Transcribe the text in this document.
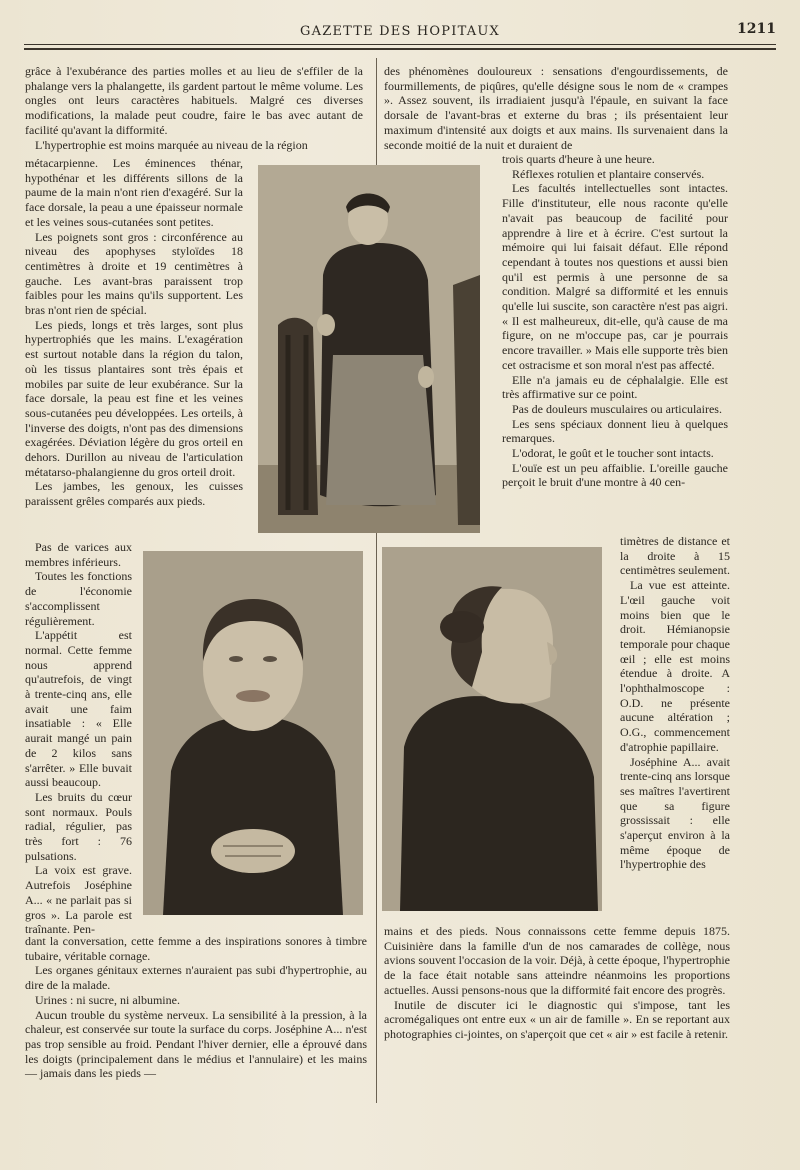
GAZETTE DES HOPITAUX	1211
grâce à l'exubérance des parties molles et au lieu de s'effiler de la phalange vers la phalangette, ils gardent partout le même volume. Les ongles ont leurs caractères habituels. Malgré ces diverses modifications, la malade peut coudre, faire le bas avec autant de facilité qu'avant la difformité.
L'hypertrophie est moins marquée au niveau de la région
métacarpienne. Les éminences thénar, hypothénar et les différents sillons de la paume de la main n'ont rien d'exagéré. Sur la face dorsale, la peau a une épaisseur normale et les veines sous-cutanées sont petites.
Les poignets sont gros : circonférence au niveau des apophyses styloïdes 18 centimètres à droite et 19 centimètres à gauche. Les avant-bras paraissent trop faibles pour les mains qu'ils supportent. Les bras n'ont rien de spécial.
Les pieds, longs et très larges, sont plus hypertrophiés que les mains. L'exagération est surtout notable dans la région du talon, où les tissus plantaires sont très épais et mobiles par suite de leur exubérance. Sur la face dorsale, la peau est fine et les veines sous-cutanées peu développées. Les orteils, à l'inverse des doigts, n'ont pas des dimensions exagérées. Déviation légère du gros orteil en dehors. Durillon au niveau de l'articulation métatarso-phalangienne du gros orteil droit.
Les jambes, les genoux, les cuisses paraissent grêles comparés aux pieds.
Pas de varices aux membres inférieurs.
Toutes les fonctions de l'économie s'accomplissent régulièrement.
L'appétit est normal. Cette femme nous apprend qu'autrefois, de vingt à trente-cinq ans, elle avait une faim insatiable : « Elle aurait mangé un pain de 2 kilos sans s'arrêter. » Elle buvait aussi beaucoup.
Les bruits du cœur sont normaux. Pouls radial, régulier, pas très fort : 76 pulsations.
La voix est grave. Autrefois Joséphine A... « ne parlait pas si gros ». La parole est traînante. Pen-
dant la conversation, cette femme a des inspirations sonores à timbre tubaire, véritable cornage.
Les organes génitaux externes n'auraient pas subi d'hypertrophie, au dire de la malade.
Urines : ni sucre, ni albumine.
Aucun trouble du système nerveux. La sensibilité à la pression, à la chaleur, est conservée sur toute la surface du corps. Joséphine A... n'est pas trop sensible au froid. Pendant l'hiver dernier, elle a éprouvé dans les doigts (principalement dans le médius et l'annulaire) et les mains — jamais dans les pieds —
des phénomènes douloureux : sensations d'engourdissements, de fourmillements, de piqûres, qu'elle désigne sous le nom de « crampes ». Assez souvent, ils irradiaient jusqu'à l'épaule, en suivant la face dorsale de l'avant-bras et externe du bras ; ils présentaient leur maximum d'intensité aux doigts et aux mains. Ils survenaient dans la seconde moitié de la nuit et duraient de
trois quarts d'heure à une heure.
Réflexes rotulien et plantaire conservés.
Les facultés intellectuelles sont intactes. Fille d'instituteur, elle nous raconte qu'elle n'avait pas beaucoup de facilité pour apprendre à lire et à écrire. C'est surtout la mémoire qui lui faisait défaut. Elle répond cependant à toutes nos questions et aussi bien qu'il est permis à une personne de sa condition. Malgré sa difformité et les ennuis qu'elle lui suscite, son caractère n'est pas aigri. « Il est malheureux, dit-elle, qu'à cause de ma figure, on ne m'occupe pas, car je pourrais encore travailler. » Mais elle supporte très bien cet ostracisme et son moral n'est pas affecté.
Elle n'a jamais eu de céphalalgie. Elle est très affirmative sur ce point.
Pas de douleurs musculaires ou articulaires.
Les sens spéciaux donnent lieu à quelques remarques.
L'odorat, le goût et le toucher sont intacts.
L'ouïe est un peu affaiblie. L'oreille gauche perçoit le bruit d'une montre à 40 cen-
timètres de distance et la droite à 15 centimètres seulement.
La vue est atteinte. L'œil gauche voit moins bien que le droit. Hémianopsie temporale pour chaque œil ; elle est moins étendue à droite. A l'ophthalmoscope : O.D. ne présente aucune altération ; O.G., commencement d'atrophie papillaire.
Joséphine A... avait trente-cinq ans lorsque ses maîtres l'avertirent que sa figure grossissait : elle s'aperçut environ à la même époque de l'hypertrophie des
mains et des pieds. Nous connaissons cette femme depuis 1875. Cuisinière dans la famille d'un de nos camarades de collège, nous avions souvent l'occasion de la voir. Déjà, à cette époque, l'hypertrophie de la face était notable sans atteindre néanmoins les proportions actuelles. Aussi pensons-nous que la difformité fait encore des progrès.
Inutile de discuter ici le diagnostic qui s'impose, tant les acromégaliques ont entre eux « un air de famille ». En se reportant aux photographies ci-jointes, on s'aperçoit que cet « air » est facile à retenir.
